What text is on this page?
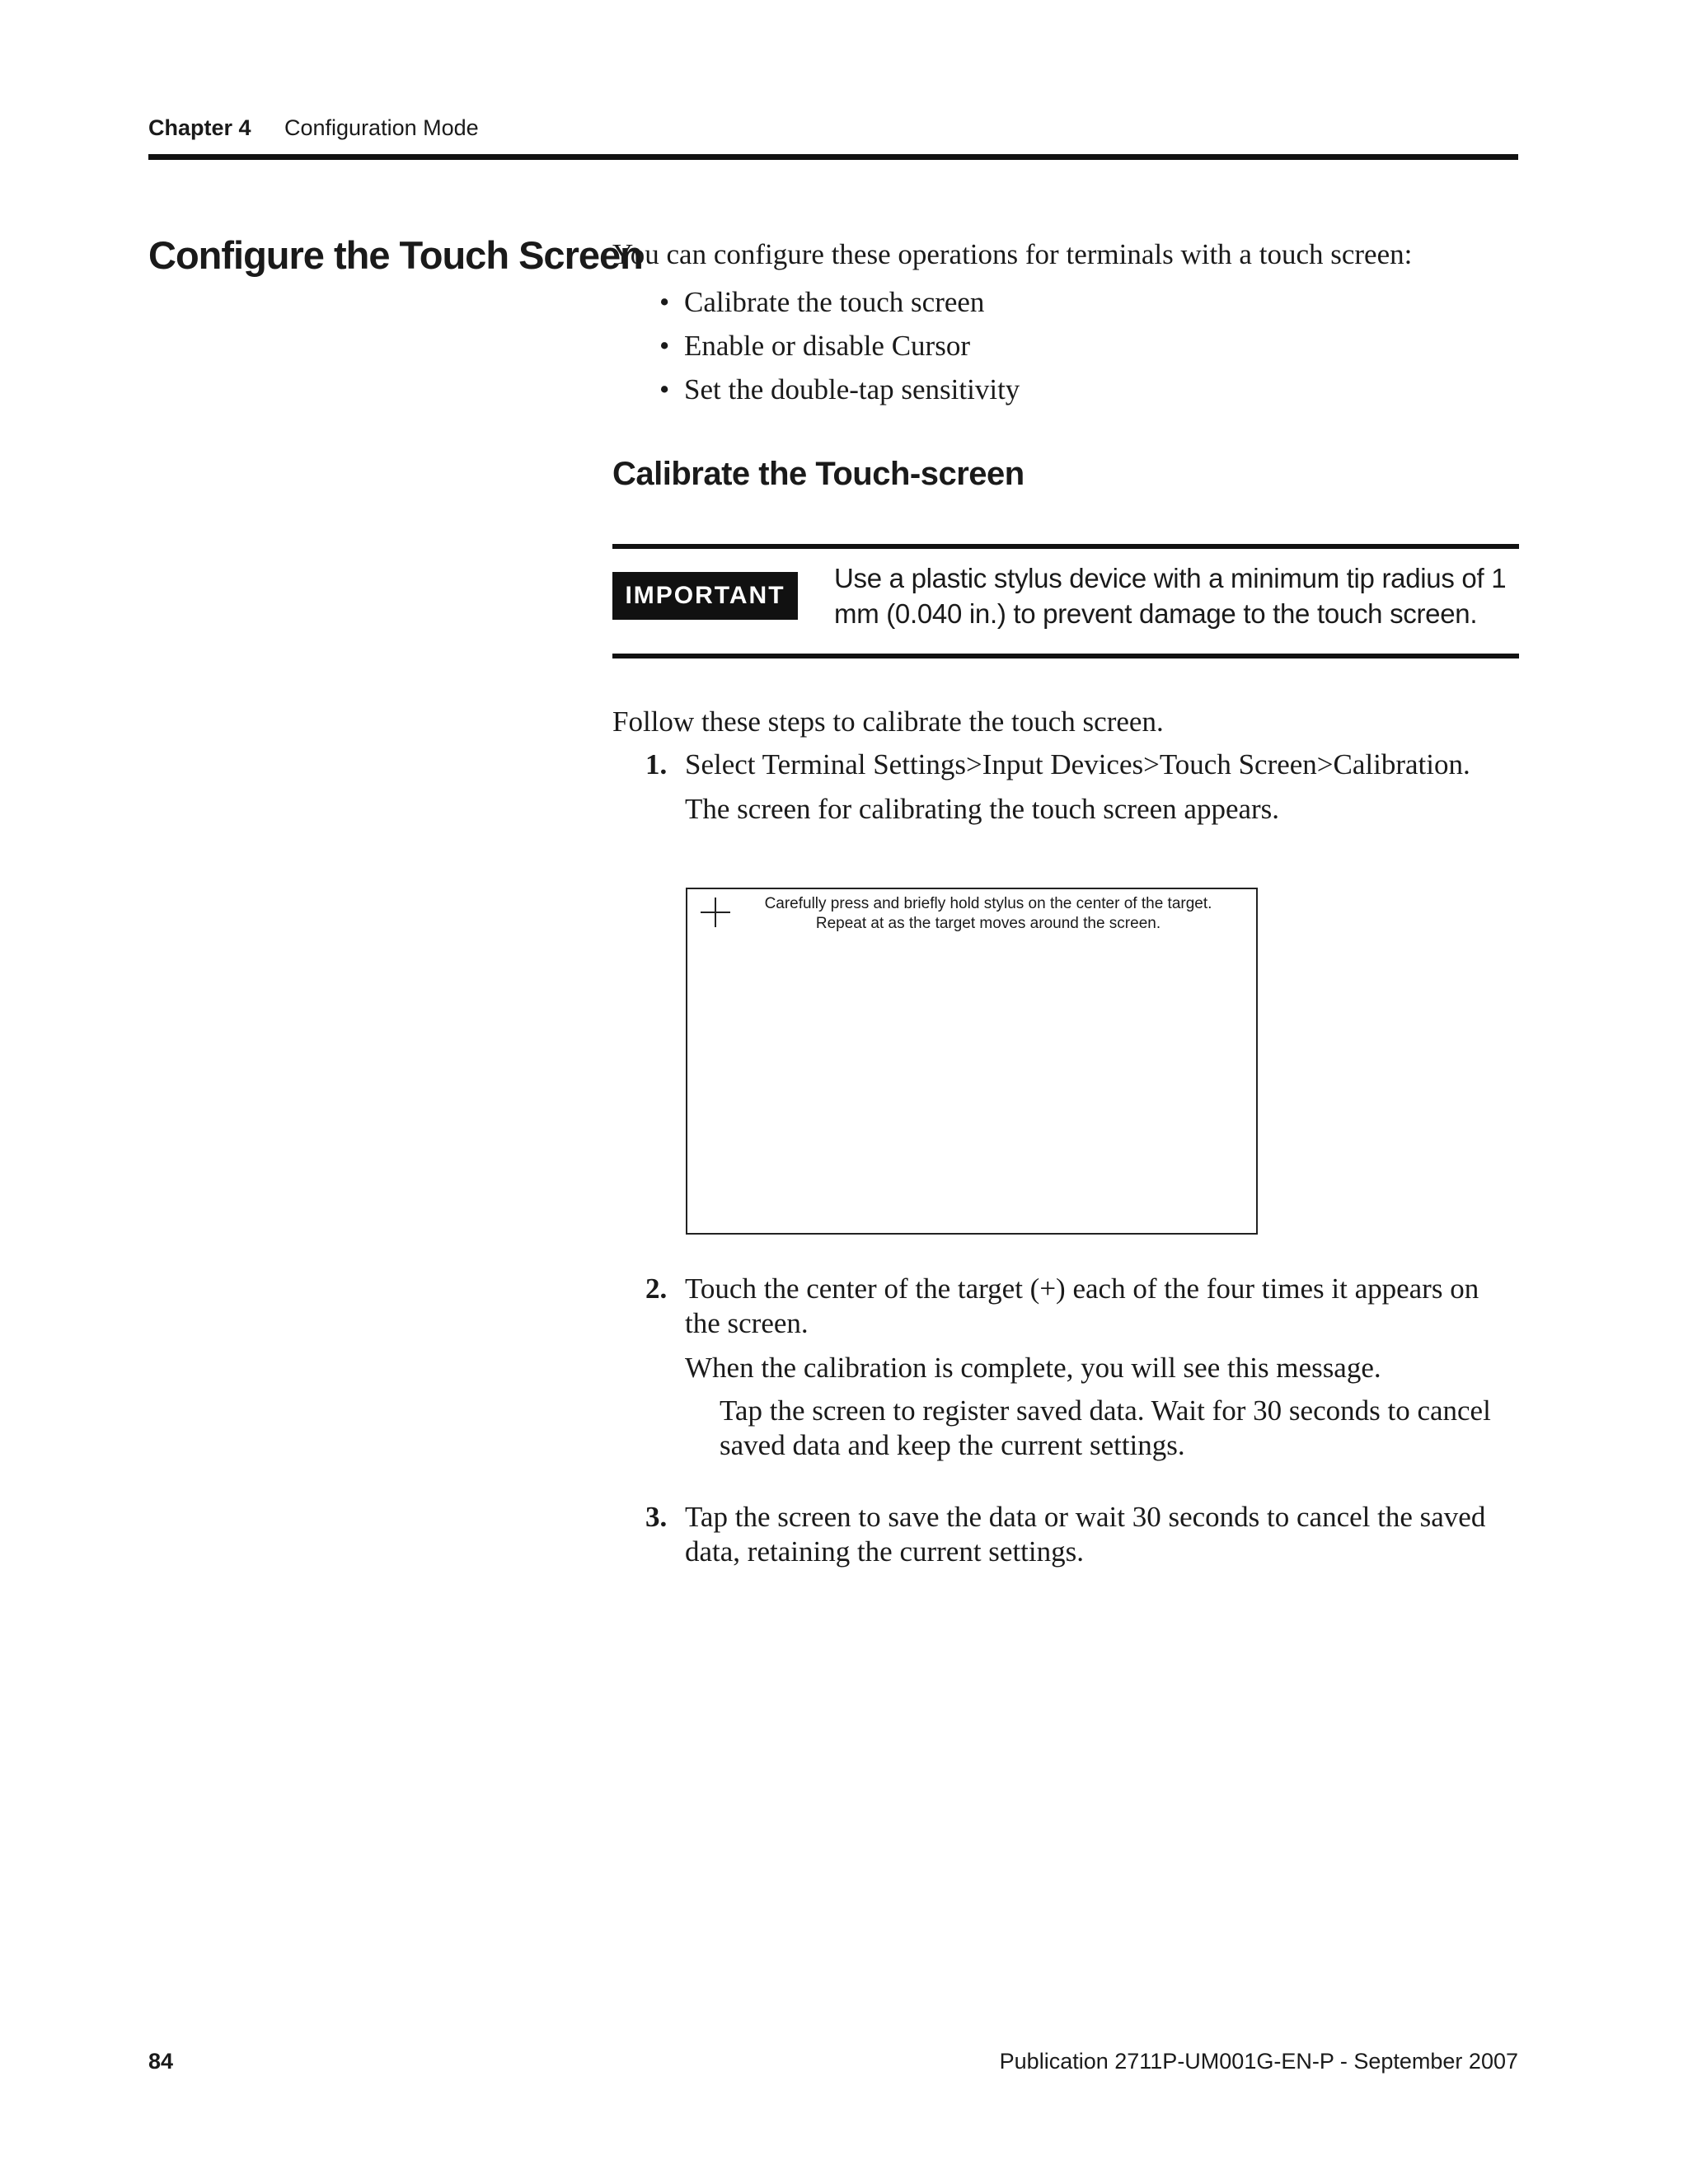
Chapter 4 Configuration Mode
Configure the Touch Screen
You can configure these operations for terminals with a touch screen:
• Calibrate the touch screen
• Enable or disable Cursor
• Set the double-tap sensitivity
Calibrate the Touch-screen
IMPORTANT
Use a plastic stylus device with a minimum tip radius of 1 mm (0.040 in.) to prevent damage to the touch screen.
Follow these steps to calibrate the touch screen.
1. Select Terminal Settings>Input Devices>Touch Screen>Calibration.

The screen for calibrating the touch screen appears.

Carefully press and briefly hold stylus on the center of the target.
Repeat at as the target moves around the screen.
2. Touch the center of the target (+) each of the four times it appears on the screen.

When the calibration is complete, you will see this message.

Tap the screen to register saved data. Wait for 30 seconds to cancel saved data and keep the current settings.

3. Tap the screen to save the data or wait 30 seconds to cancel the saved data, retaining the current settings.

84	Publication 2711P-UM001G-EN-P - September 2007
